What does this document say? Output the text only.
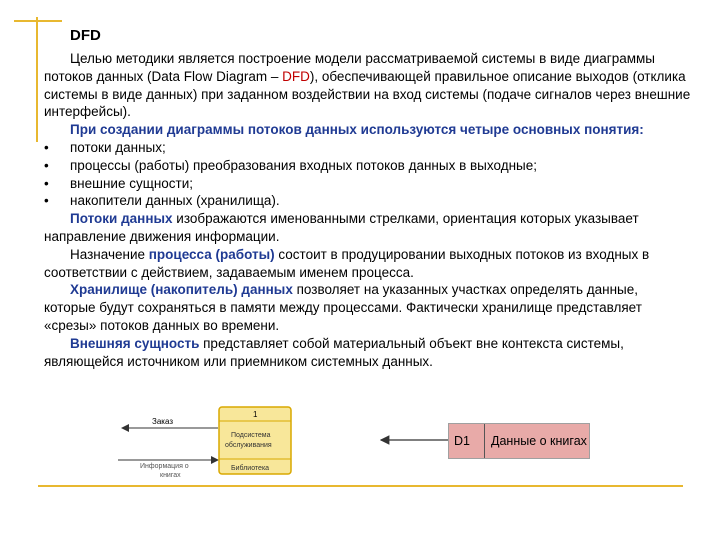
DFD

Целью методики является построение модели рассматриваемой системы в виде диаграммы потоков данных (Data Flow Diagram – DFD), обеспечивающей правильное описание выходов (отклика системы в виде данных) при заданном воздействии на вход системы (подаче сигналов через внешние интерфейсы).

При создании диаграммы потоков данных используются четыре основных понятия:

•	потоки данных;
•	процессы (работы) преобразования входных потоков данных в выходные;
•	внешние сущности;
•	накопители данных (хранилища).

Потоки данных изображаются именованными стрелками, ориентация которых указывает направление движения информации.

Назначение процесса (работы) состоит в продуцировании выходных потоков из входных в соответствии с действием, задаваемым именем процесса.

Хранилище (накопитель) данных позволяет на указанных участках определять данные, которые будут сохраняться в памяти между процессами. Фактически хранилище представляет «срезы» потоков данных во времени.

Внешняя сущность представляет собой материальный объект вне контекста системы, являющейся источником или приемником системных данных.

Заказ
Информация о
книгах
1
Подсистема
обслуживания
Библиотека
D1	Данные о книгах
